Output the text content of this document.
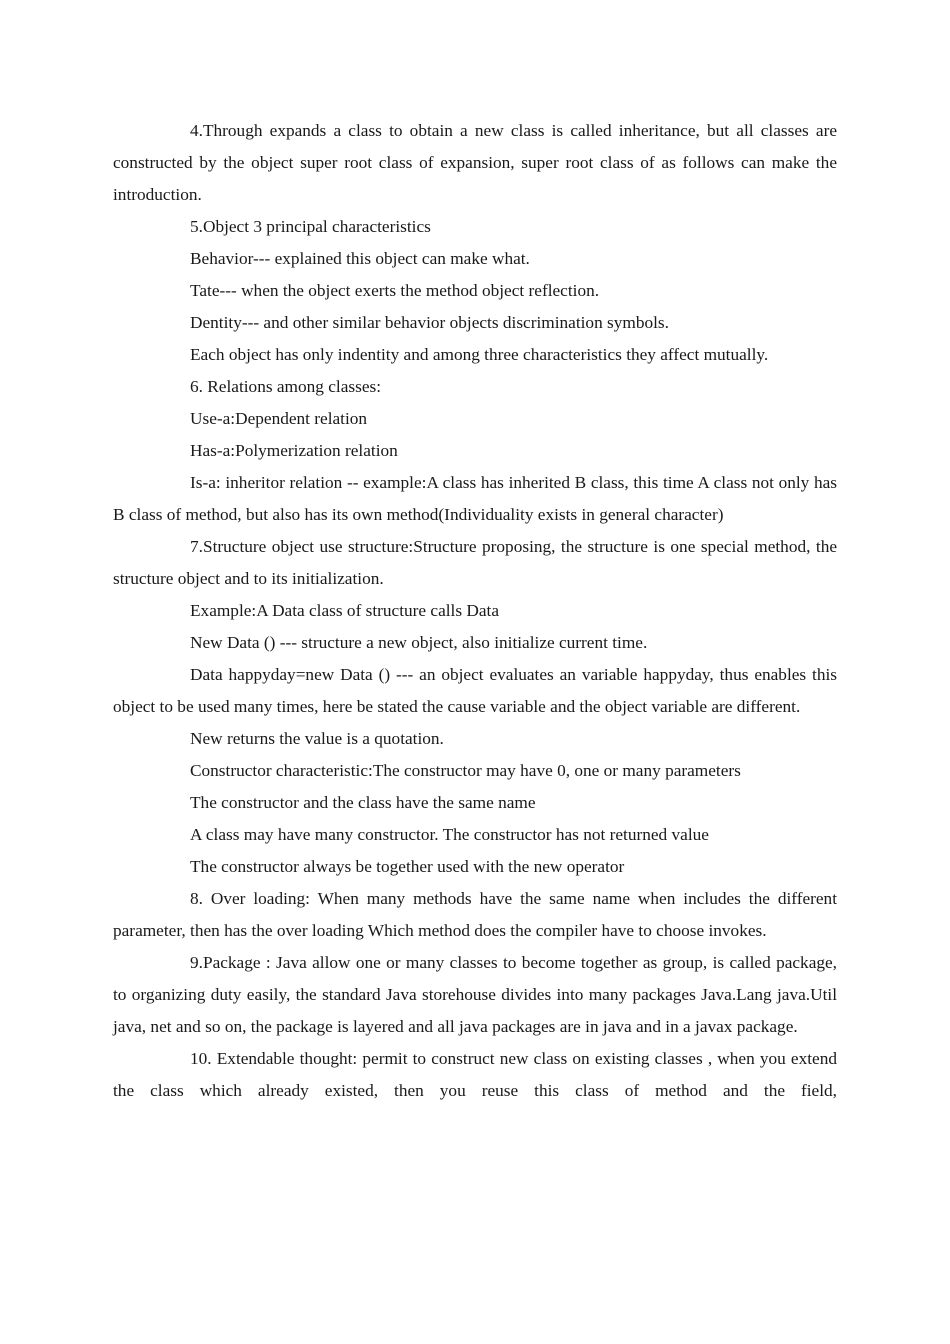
4.Through expands a class to obtain a new class is called inheritance, but all classes are constructed by the object super root class of expansion, super root class of as follows can make the introduction.

5.Object 3 principal characteristics

Behavior--- explained this object can make what.

Tate--- when the object exerts the method object reflection.

Dentity--- and other similar behavior objects discrimination symbols.

Each object has only indentity and among three characteristics they affect mutually.

6. Relations among classes:

Use-a:Dependent relation

Has-a:Polymerization relation

Is-a: inheritor relation -- example:A class has inherited B class, this time A class not only has B class of method, but also has its own method(Individuality exists in general character)

7.Structure object use structure:Structure proposing, the structure is one special method, the structure object and to its initialization.

Example:A Data class of structure calls Data

New Data () --- structure a new object, also initialize current time.

Data happyday=new Data () --- an object evaluates an variable happyday, thus enables this object to be used many times, here be stated the cause variable and the object variable are different.

New returns the value is a quotation.

Constructor characteristic:The constructor may have 0, one or many parameters

The constructor and the class have the same name

A class may have many constructor. The constructor has not returned value

The constructor always be together used with the new operator

8. Over loading: When many methods have the same name when includes the different parameter, then has the over loading Which method does the compiler have to choose invokes.

9.Package : Java allow one or many classes to become together as group, is called package, to organizing duty easily, the standard Java storehouse divides into many packages Java.Lang java.Util java, net and so on, the package is layered and all java packages are in java and in a javax package.

10. Extendable thought: permit to construct new class on existing classes , when you extend the class which already existed, then you reuse this class of method and the field,
